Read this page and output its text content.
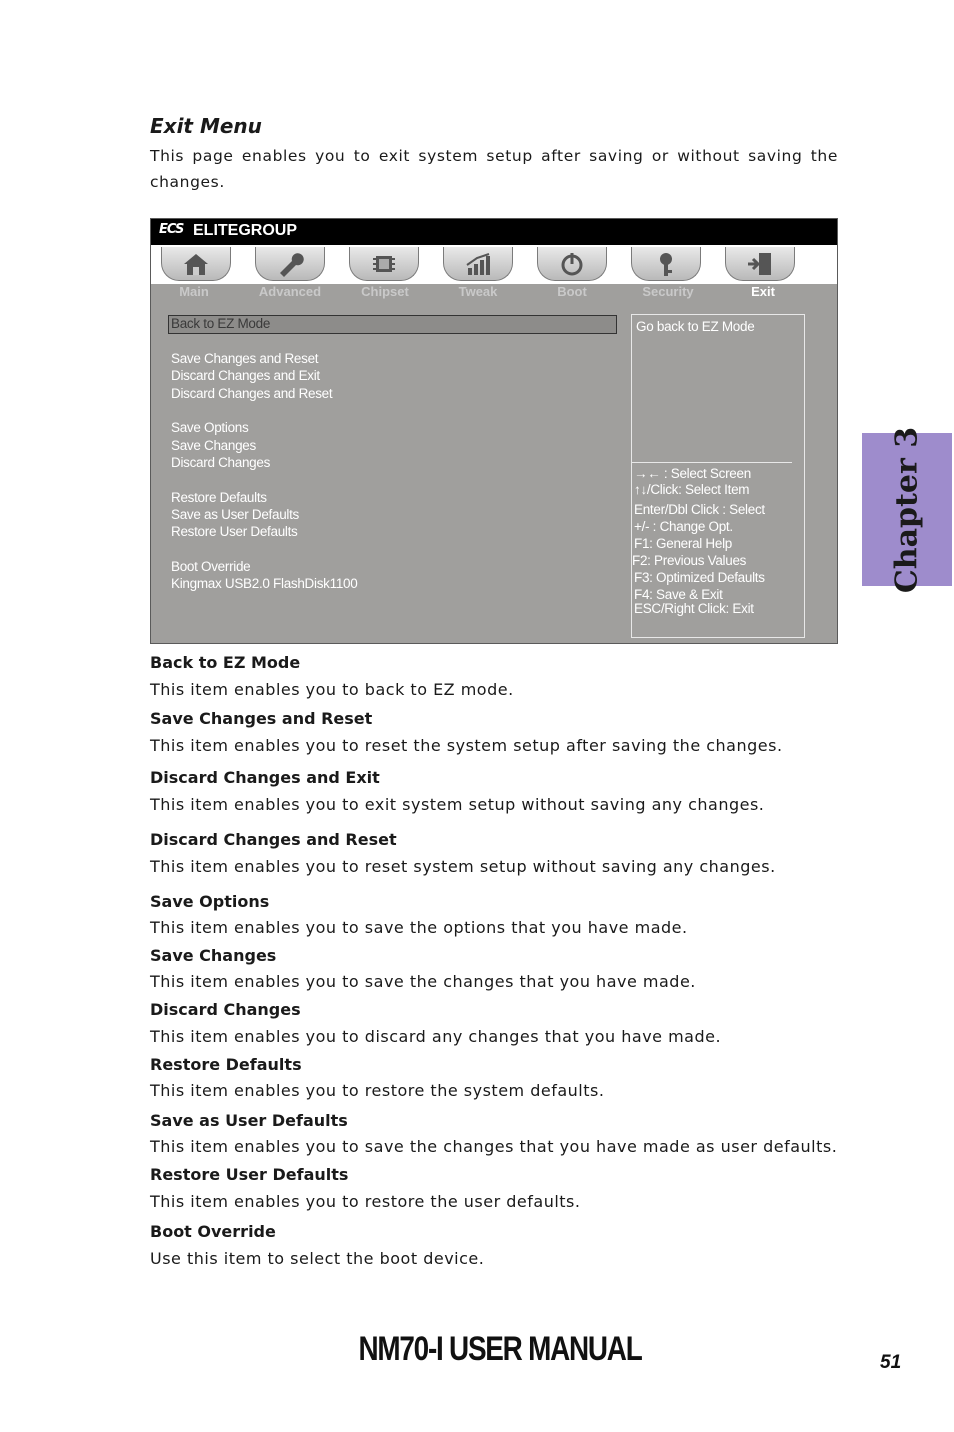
Exit Menu
This page enables you to exit system setup after saving or without saving the changes.
ECS ELITEGROUP
Main	Advanced	Chipset	Tweak	Boot	Security	Exit
Back to EZ Mode
Save Changes and Reset
Discard Changes and Exit
Discard Changes and Reset
Save Options
Save Changes
Discard Changes
Restore Defaults
Save as User Defaults
Restore User Defaults
Boot Override
Kingmax USB2.0 FlashDisk1100
Go back to EZ Mode
→← : Select Screen
↑↓/Click: Select Item
Enter/Dbl Click : Select
+/- : Change Opt.
F1: General Help
F2: Previous Values
F3: Optimized Defaults
F4: Save & Exit
ESC/Right Click: Exit
Back to EZ Mode
This item enables you to back to EZ mode.
Save Changes and Reset
This item enables you to reset the system setup after saving the changes.
Discard Changes and Exit
This item enables you to exit system setup without saving any changes.
Discard Changes and Reset
This item enables you to reset system setup without saving any changes.
Save Options
This item enables you to save the options that you have made.
Save Changes
This item enables you to save the changes that you have made.
Discard Changes
This item enables you to discard any changes that you have made.
Restore Defaults
This item enables you to restore the system defaults.
Save as User Defaults
This item enables you to save the changes that you have made as user defaults.
Restore User Defaults
This item enables you to restore the user defaults.
Boot Override
Use this item to select the boot device.
Chapter 3
NM70-I USER MANUAL	51
